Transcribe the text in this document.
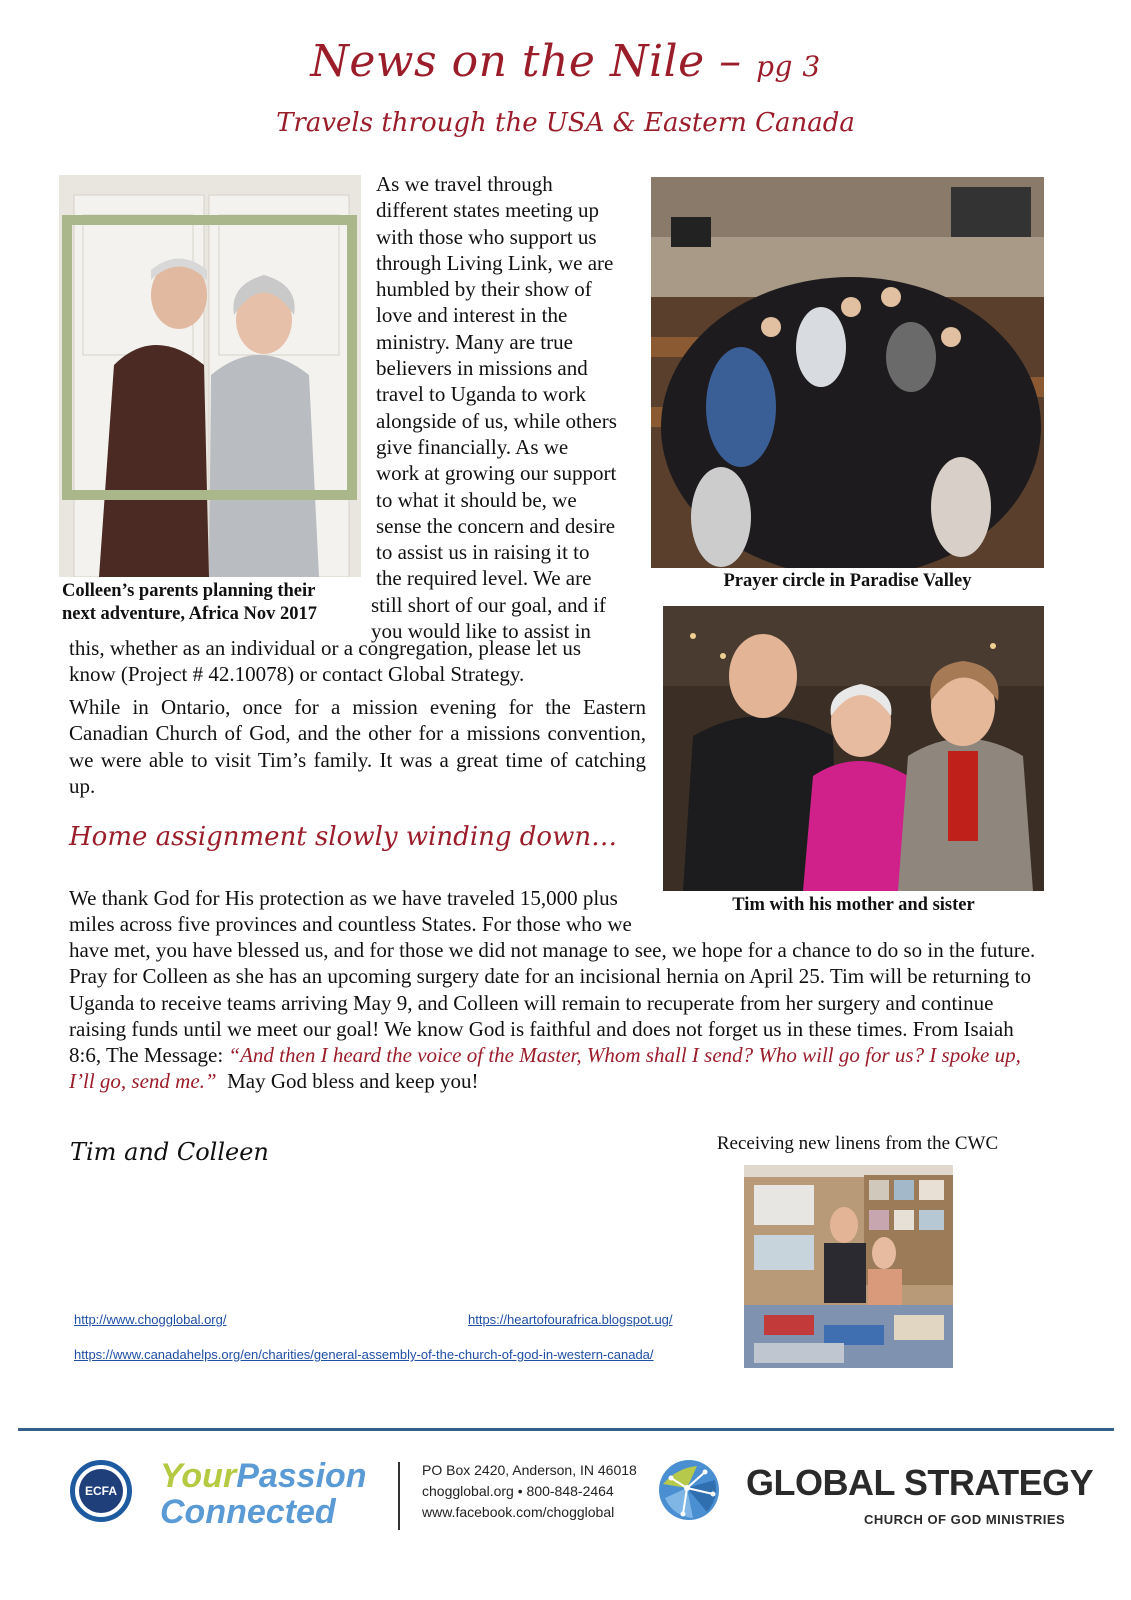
News on the Nile – pg 3
Travels through the USA & Eastern Canada
Colleen’s parents planning their
next adventure, Africa Nov 2017
As we travel through
different states meeting up
with those who support us
through Living Link, we are
humbled by their show of
love and interest in the
ministry. Many are true
believers in missions and
travel to Uganda to work
alongside of us, while others
give financially. As we
work at growing our support
to what it should be, we
sense the concern and desire
to assist us in raising it to
the required level. We are
still short of our goal, and if
you would like to assist in
Prayer circle in Paradise Valley
Tim with his mother and sister
this, whether as an individual or a congregation, please let us know (Project # 42.10078) or contact Global Strategy.
While in Ontario, once for a mission evening for the Eastern Canadian Church of God, and the other for a missions convention, we were able to visit Tim’s family. It was a great time of catching up.
Home assignment slowly winding down…
We thank God for His protection as we have traveled 15,000 plus
miles across five provinces and countless States. For those who we
have met, you have blessed us, and for those we did not manage to see, we hope for a chance to do so in the future. Pray for Colleen as she has an upcoming surgery date for an incisional hernia on April 25. Tim will be returning to Uganda to receive teams arriving May 9, and Colleen will remain to recuperate from her surgery and continue raising funds until we meet our goal! We know God is faithful and does not forget us in these times. From Isaiah 8:6, The Message: “And then I heard the voice of the Master, Whom shall I send? Who will go for us? I spoke up, I’ll go, send me.”  May God bless and keep you!
Tim and Colleen	Receiving new linens from the CWC
http://www.chogglobal.org/	https://heartofourafrica.blogspot.ug/
https://www.canadahelps.org/en/charities/general-assembly-of-the-church-of-god-in-western-canada/
ECFA YourPassion
Connected
PO Box 2420, Anderson, IN 46018
chogglobal.org • 800-848-2464
www.facebook.com/chogglobal
GLOBAL STRATEGY
CHURCH OF GOD MINISTRIES
